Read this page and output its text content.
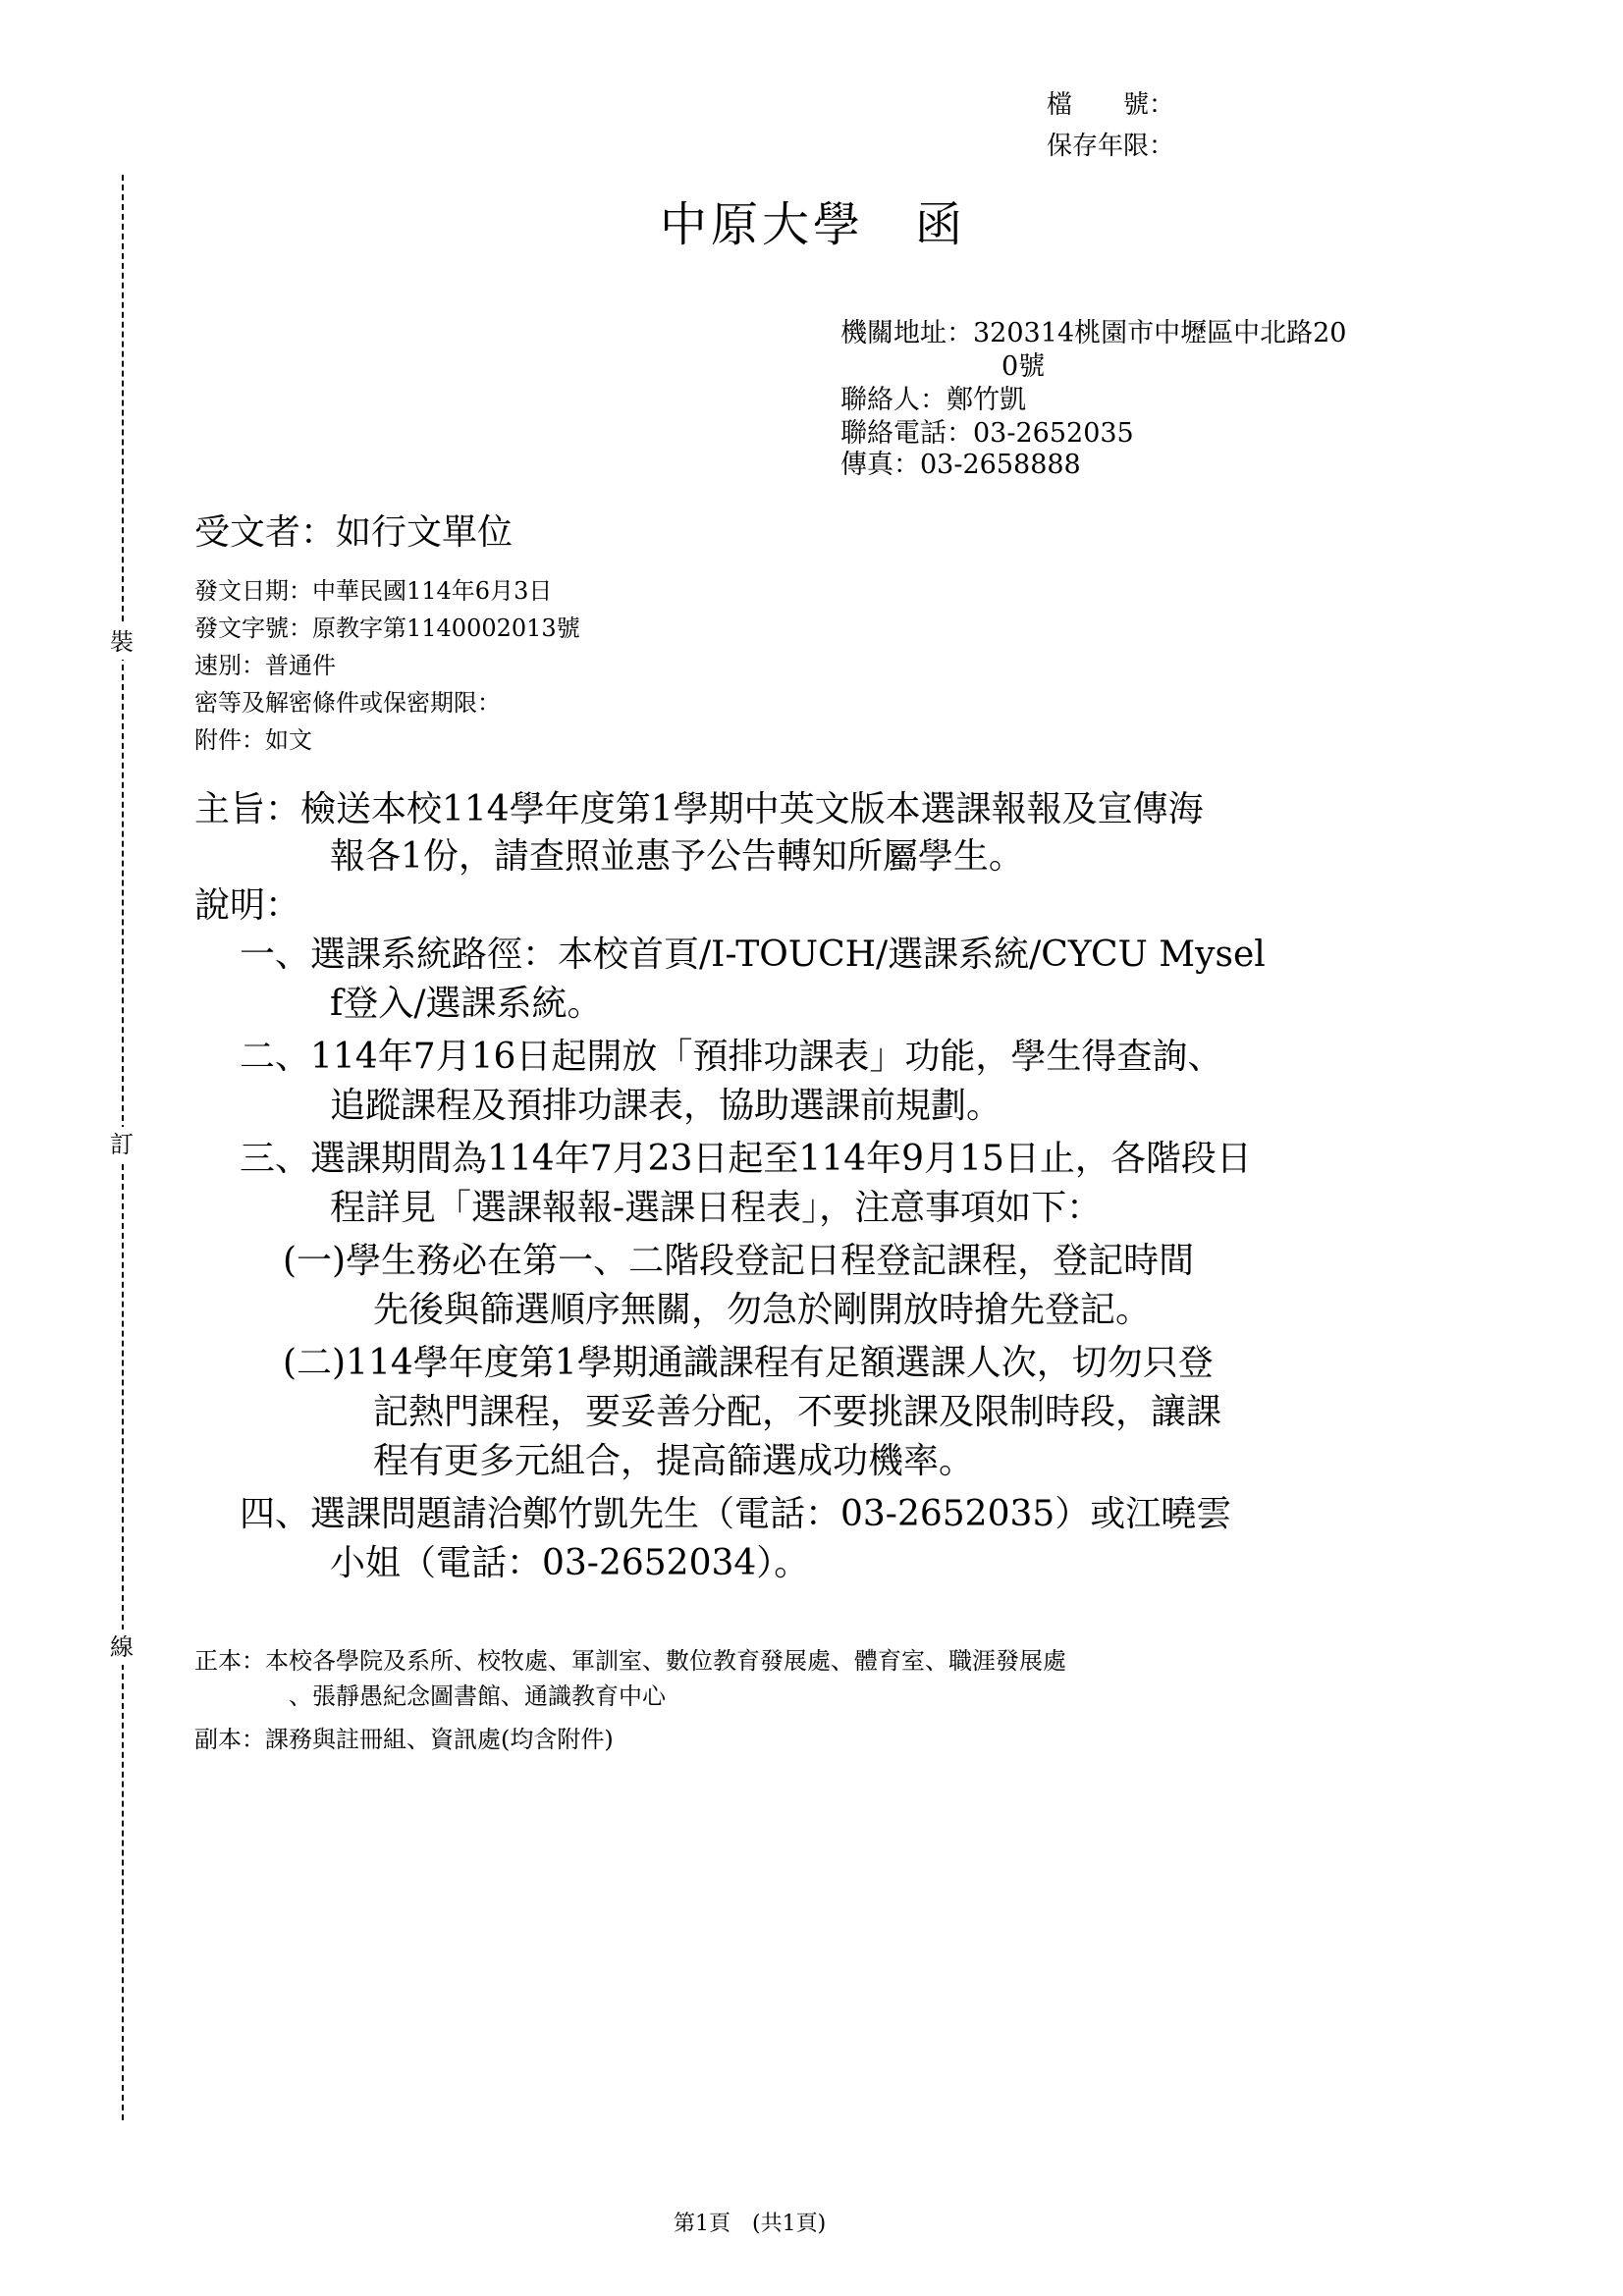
裝
訂
線
檔　　號：
保存年限：
中原大學　函
機關地址：320314桃園市中壢區中北路20
0號
聯絡人：鄭竹凱
聯絡電話：03-2652035
傳真：03-2658888
受文者：如行文單位
發文日期：中華民國114年6月3日
發文字號：原教字第1140002013號
速別：普通件
密等及解密條件或保密期限：
附件：如文
主旨：檢送本校114學年度第1學期中英文版本選課報報及宣傳海
報各1份，請查照並惠予公告轉知所屬學生。
說明：
一、選課系統路徑：本校首頁/I-TOUCH/選課系統/CYCU Mysel
f登入/選課系統。
二、114年7月16日起開放「預排功課表」功能，學生得查詢、
追蹤課程及預排功課表，協助選課前規劃。
三、選課期間為114年7月23日起至114年9月15日止，各階段日
程詳見「選課報報-選課日程表」，注意事項如下：
(一)學生務必在第一、二階段登記日程登記課程，登記時間
先後與篩選順序無關，勿急於剛開放時搶先登記。
(二)114學年度第1學期通識課程有足額選課人次，切勿只登
記熱門課程，要妥善分配，不要挑課及限制時段，讓課
程有更多元組合，提高篩選成功機率。
四、選課問題請洽鄭竹凱先生（電話：03-2652035）或江曉雲
小姐（電話：03-2652034）。
正本：本校各學院及系所、校牧處、軍訓室、數位教育發展處、體育室、職涯發展處
、張靜愚紀念圖書館、通識教育中心
副本：課務與註冊組、資訊處(均含附件)
第1頁　(共1頁)
